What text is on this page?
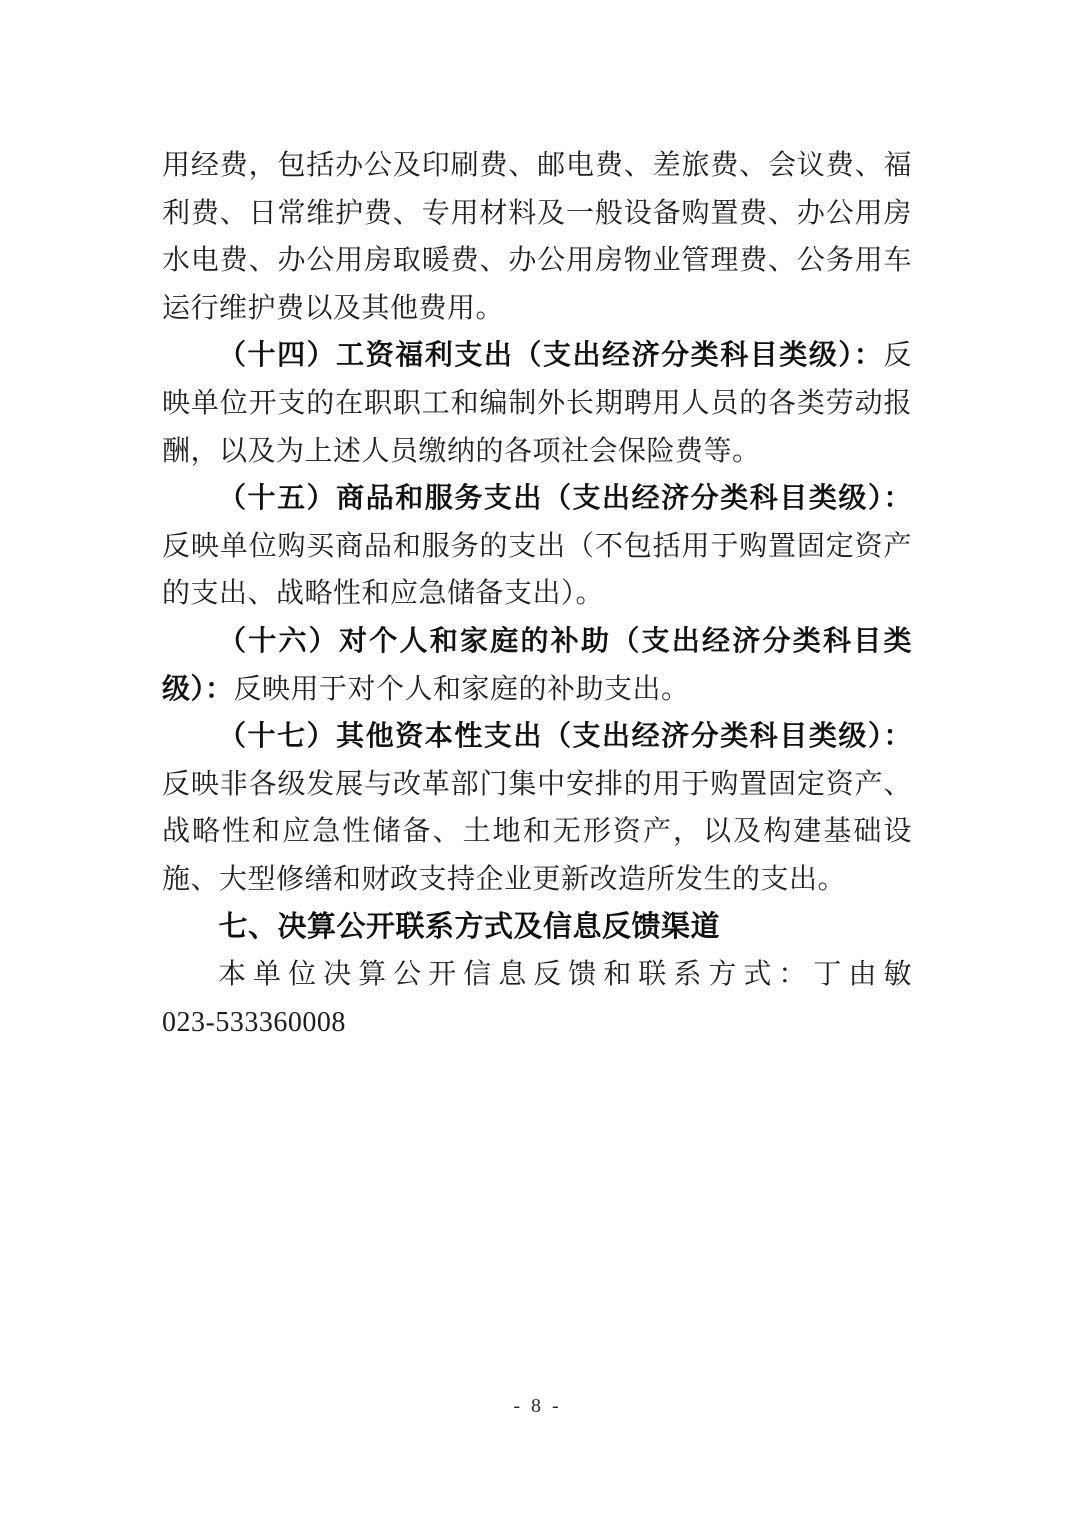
用经费，包括办公及印刷费、邮电费、差旅费、会议费、福利费、日常维护费、专用材料及一般设备购置费、办公用房水电费、办公用房取暖费、办公用房物业管理费、公务用车运行维护费以及其他费用。

（十四）工资福利支出（支出经济分类科目类级）：反映单位开支的在职职工和编制外长期聘用人员的各类劳动报酬，以及为上述人员缴纳的各项社会保险费等。

（十五）商品和服务支出（支出经济分类科目类级）：反映单位购买商品和服务的支出（不包括用于购置固定资产的支出、战略性和应急储备支出）。

（十六）对个人和家庭的补助（支出经济分类科目类级）：反映用于对个人和家庭的补助支出。

（十七）其他资本性支出（支出经济分类科目类级）：反映非各级发展与改革部门集中安排的用于购置固定资产、战略性和应急性储备、土地和无形资产，以及构建基础设施、大型修缮和财政支持企业更新改造所发生的支出。

七、决算公开联系方式及信息反馈渠道

本单位决算公开信息反馈和联系方式：丁由敏023-533360008

- 8 -
